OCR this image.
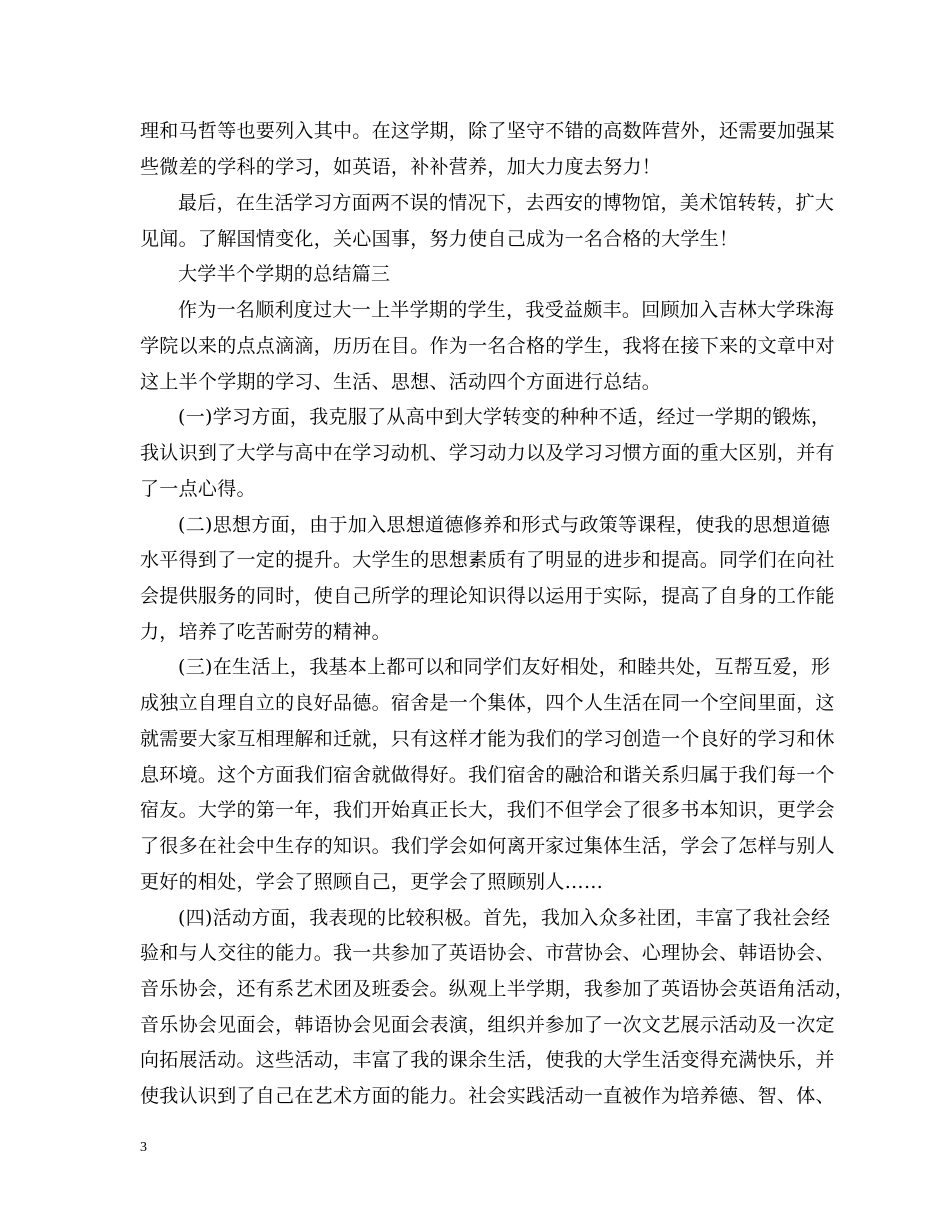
理和马哲等也要列入其中。在这学期，除了坚守不错的高数阵营外，还需要加强某
些微差的学科的学习，如英语，补补营养，加大力度去努力！
最后，在生活学习方面两不误的情况下，去西安的博物馆，美术馆转转，扩大
见闻。了解国情变化，关心国事，努力使自己成为一名合格的大学生！
大学半个学期的总结篇三
作为一名顺利度过大一上半学期的学生，我受益颇丰。回顾加入吉林大学珠海
学院以来的点点滴滴，历历在目。作为一名合格的学生，我将在接下来的文章中对
这上半个学期的学习、生活、思想、活动四个方面进行总结。
(一)学习方面，我克服了从高中到大学转变的种种不适，经过一学期的锻炼，
我认识到了大学与高中在学习动机、学习动力以及学习习惯方面的重大区别，并有
了一点心得。
(二)思想方面，由于加入思想道德修养和形式与政策等课程，使我的思想道德
水平得到了一定的提升。大学生的思想素质有了明显的进步和提高。同学们在向社
会提供服务的同时，使自己所学的理论知识得以运用于实际，提高了自身的工作能
力，培养了吃苦耐劳的精神。
(三)在生活上，我基本上都可以和同学们友好相处，和睦共处，互帮互爱，形
成独立自理自立的良好品德。宿舍是一个集体，四个人生活在同一个空间里面，这
就需要大家互相理解和迁就，只有这样才能为我们的学习创造一个良好的学习和休
息环境。这个方面我们宿舍就做得好。我们宿舍的融洽和谐关系归属于我们每一个
宿友。大学的第一年，我们开始真正长大，我们不但学会了很多书本知识，更学会
了很多在社会中生存的知识。我们学会如何离开家过集体生活，学会了怎样与别人
更好的相处，学会了照顾自己，更学会了照顾别人……
(四)活动方面，我表现的比较积极。首先，我加入众多社团，丰富了我社会经
验和与人交往的能力。我一共参加了英语协会、市营协会、心理协会、韩语协会、
音乐协会，还有系艺术团及班委会。纵观上半学期，我参加了英语协会英语角活动，
音乐协会见面会，韩语协会见面会表演，组织并参加了一次文艺展示活动及一次定
向拓展活动。这些活动，丰富了我的课余生活，使我的大学生活变得充满快乐，并
使我认识到了自己在艺术方面的能力。社会实践活动一直被作为培养德、智、体、
3
